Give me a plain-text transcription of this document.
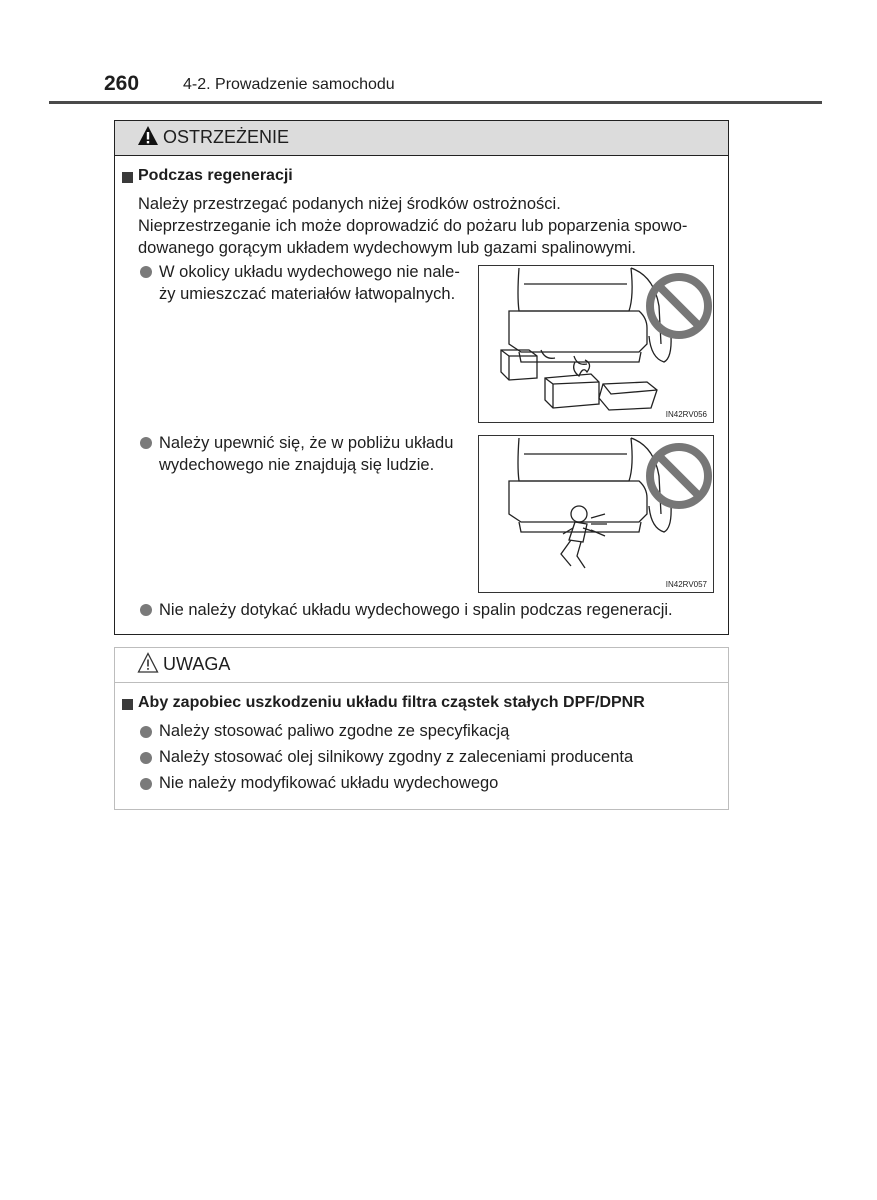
260	4-2. Prowadzenie samochodu
OSTRZEŻENIE
Podczas regeneracji
Należy przestrzegać podanych niżej środków ostrożności.
Nieprzestrzeganie ich może doprowadzić do pożaru lub poparzenia spowo-
dowanego gorącym układem wydechowym lub gazami spalinowymi.
W okolicy układu wydechowego nie nale-
ży umieszczać materiałów łatwopalnych.
IN42RV056
Należy upewnić się, że w pobliżu układu
wydechowego nie znajdują się ludzie.
IN42RV057
Nie należy dotykać układu wydechowego i spalin podczas regeneracji.
UWAGA
Aby zapobiec uszkodzeniu układu filtra cząstek stałych DPF/DPNR
Należy stosować paliwo zgodne ze specyfikacją
Należy stosować olej silnikowy zgodny z zaleceniami producenta
Nie należy modyfikować układu wydechowego
